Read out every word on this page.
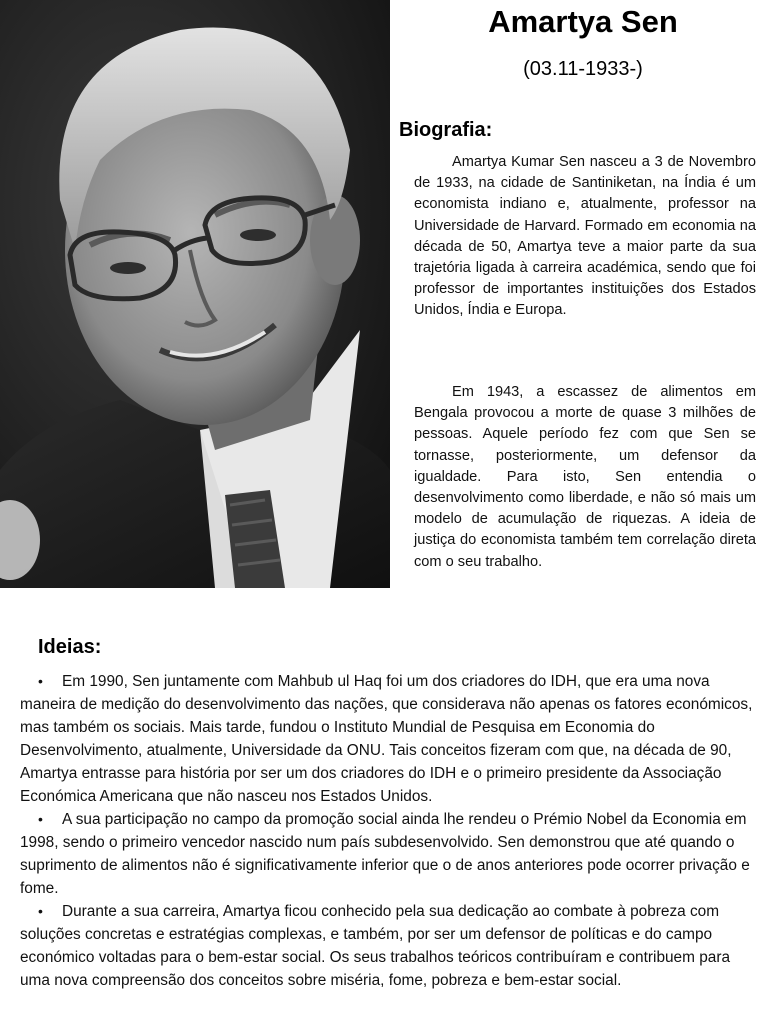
Amartya Sen
(03.11-1933-)
Biografia:

Amartya Kumar Sen nasceu a 3 de Novembro de 1933, na cidade de Santiniketan, na Índia é um economista indiano e, atualmente, professor na Universidade de Harvard. Formado em economia na década de 50, Amartya teve a maior parte da sua trajetória ligada à carreira académica, sendo que foi professor de importantes instituições dos Estados Unidos, Índia e Europa.

Em 1943, a escassez de alimentos em Bengala provocou a morte de quase 3 milhões de pessoas. Aquele período fez com que Sen se tornasse, posteriormente, um defensor da igualdade. Para isto, Sen entendia o desenvolvimento como liberdade, e não só mais um modelo de acumulação de riquezas. A ideia de justiça do economista também tem correlação direta com o seu trabalho.

Ideias:
• Em 1990, Sen juntamente com Mahbub ul Haq foi um dos criadores do IDH, que era uma nova maneira de medição do desenvolvimento das nações, que considerava não apenas os fatores económicos, mas também os sociais. Mais tarde, fundou o Instituto Mundial de Pesquisa em Economia do Desenvolvimento, atualmente, Universidade da ONU. Tais conceitos fizeram com que, na década de 90, Amartya entrasse para história por ser um dos criadores do IDH e o primeiro presidente da Associação Económica Americana que não nasceu nos Estados Unidos.
• A sua participação no campo da promoção social ainda lhe rendeu o Prémio Nobel da Economia em 1998, sendo o primeiro vencedor nascido num país subdesenvolvido. Sen demonstrou que até quando o suprimento de alimentos não é significativamente inferior que o de anos anteriores pode ocorrer privação e fome.
• Durante a sua carreira, Amartya ficou conhecido pela sua dedicação ao combate à pobreza com soluções concretas e estratégias complexas, e também, por ser um defensor de políticas e do campo económico voltadas para o bem-estar social. Os seus trabalhos teóricos contribuíram e contribuem para uma nova compreensão dos conceitos sobre miséria, fome, pobreza e bem-estar social.
